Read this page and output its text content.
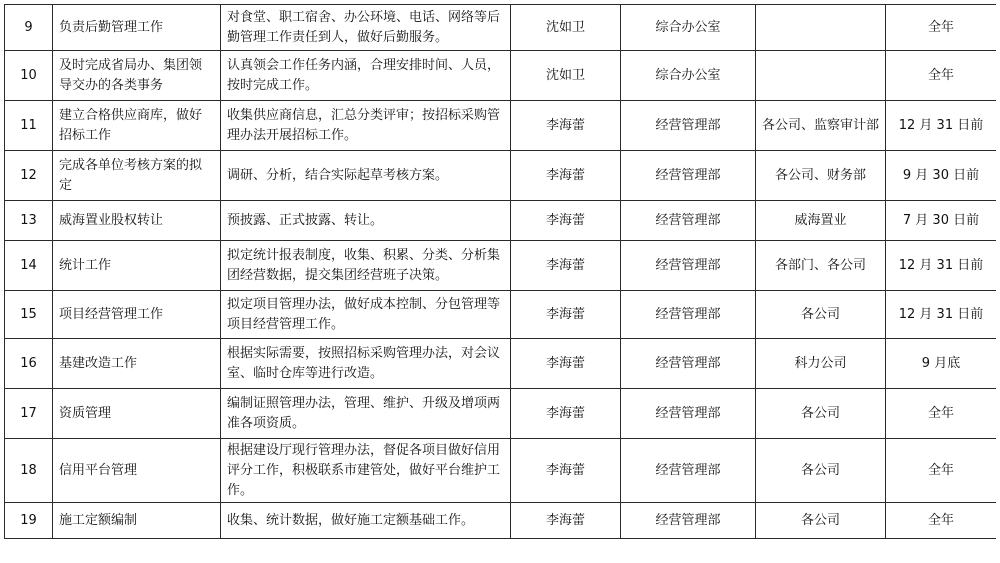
9	负责后勤管理工作	对食堂、职工宿舍、办公环境、电话、网络等后勤管理工作责任到人，做好后勤服务。	沈如卫	综合办公室		全年
10	及时完成省局办、集团领导交办的各类事务	认真领会工作任务内涵，合理安排时间、人员，按时完成工作。	沈如卫	综合办公室		全年
11	建立合格供应商库，做好招标工作	收集供应商信息，汇总分类评审；按招标采购管理办法开展招标工作。	李海蕾	经营管理部	各公司、监察审计部	12 月 31 日前
12	完成各单位考核方案的拟定	调研、分析，结合实际起草考核方案。	李海蕾	经营管理部	各公司、财务部	9 月 30 日前
13	威海置业股权转让	预披露、正式披露、转让。	李海蕾	经营管理部	威海置业	7 月 30 日前
14	统计工作	拟定统计报表制度，收集、积累、分类、分析集团经营数据，提交集团经营班子决策。	李海蕾	经营管理部	各部门、各公司	12 月 31 日前
15	项目经营管理工作	拟定项目管理办法，做好成本控制、分包管理等项目经营管理工作。	李海蕾	经营管理部	各公司	12 月 31 日前
16	基建改造工作	根据实际需要，按照招标采购管理办法，对会议室、临时仓库等进行改造。	李海蕾	经营管理部	科力公司	9 月底
17	资质管理	编制证照管理办法，管理、维护、升级及增项两准各项资质。	李海蕾	经营管理部	各公司	全年
18	信用平台管理	根据建设厅现行管理办法，督促各项目做好信用评分工作，积极联系市建管处，做好平台维护工作。	李海蕾	经营管理部	各公司	全年
19	施工定额编制	收集、统计数据，做好施工定额基础工作。	李海蕾	经营管理部	各公司	全年
